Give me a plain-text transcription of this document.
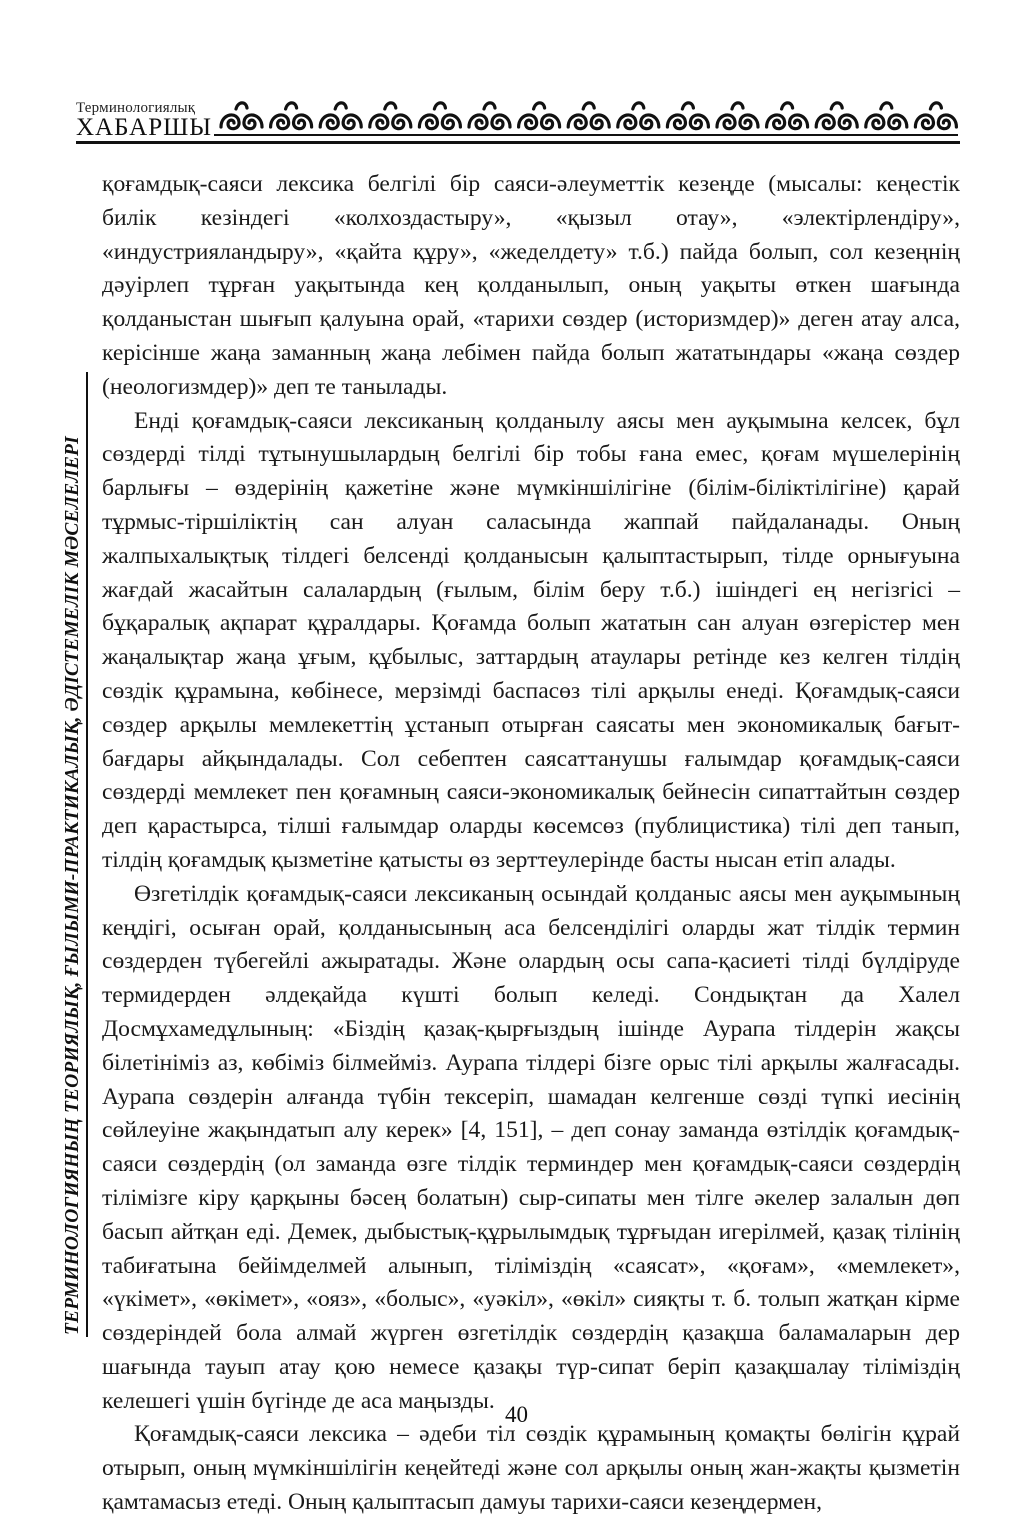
Терминологиялық
ХАБАРШЫ
ТЕРМИНОЛОГИЯНЫҢ ТЕОРИЯЛЫҚ, ҒЫЛЫМИ-ПРАКТИКАЛЫҚ, ӘДІСТЕМЕЛІК МӘСЕЛЕЛЕРІ

қоғамдық-саяси лексика белгілі бір саяси-әлеуметтік кезеңде (мысалы: кеңестік билік кезіндегі «колхоздастыру», «қызыл отау», «электірлендіру», «индустрияландыру», «қайта құру», «жеделдету» т.б.) пайда болып, сол кезеңнің дәуірлеп тұрған уақытында кең қолданылып, оның уақыты өткен шағында қолданыстан шығып қалуына орай, «тарихи сөздер (историзмдер)» деген атау алса, керісінше жаңа заманның жаңа лебімен пайда болып жататындары «жаңа сөздер (неологизмдер)» деп те танылады.

Енді қоғамдық-саяси лексиканың қолданылу аясы мен ауқымына келсек, бұл сөздерді тілді тұтынушылардың белгілі бір тобы ғана емес, қоғам мүшелерінің барлығы – өздерінің қажетіне және мүмкіншілігіне (білім-біліктілігіне) қарай тұрмыс-тіршіліктің сан алуан саласында жаппай пайдаланады. Оның жалпыхалықтық тілдегі белсенді қолданысын қалыптастырып, тілде орнығуына жағдай жасайтын салалардың (ғылым, білім беру т.б.) ішіндегі ең негізгісі – бұқаралық ақпарат құралдары. Қоғамда болып жататын сан алуан өзгерістер мен жаңалықтар жаңа ұғым, құбылыс, заттардың атаулары ретінде кез келген тілдің сөздік құрамына, көбінесе, мерзімді баспасөз тілі арқылы енеді. Қоғамдық-саяси сөздер арқылы мемлекеттің ұстанып отырған саясаты мен экономикалық бағыт-бағдары айқындалады. Сол себептен саясаттанушы ғалымдар қоғамдық-саяси сөздерді мемлекет пен қоғамның саяси-экономикалық бейнесін сипаттайтын сөздер деп қарастырса, тілші ғалымдар оларды көсемсөз (публицистика) тілі деп танып, тілдің қоғамдық қызметіне қатысты өз зерттеулерінде басты нысан етіп алады.

Өзгетілдік қоғамдық-саяси лексиканың осындай қолданыс аясы мен ауқымының кеңдігі, осыған орай, қолданысының аса белсенділігі оларды жат тілдік термин сөздерден түбегейлі ажыратады. Және олардың осы сапа-қасиеті тілді бүлдіруде термидерден әлдеқайда күшті болып келеді. Сондықтан да Халел Досмұхамедұлының: «Біздің қазақ-қырғыздың ішінде Аурапа тілдерін жақсы білетініміз аз, көбіміз білмейміз. Аурапа тілдері бізге орыс тілі арқылы жалғасады. Аурапа сөздерін алғанда түбін тексеріп, шамадан келгенше сөзді түпкі иесінің сөйлеуіне жақындатып алу керек» [4, 151], – деп сонау заманда өзтілдік қоғамдық-саяси сөздердің (ол заманда өзге тілдік терминдер мен қоғамдық-саяси сөздердің тілімізге кіру қарқыны бәсең болатын) сыр-сипаты мен тілге әкелер залалын дөп басып айтқан еді. Демек, дыбыстық-құрылымдық тұрғыдан игерілмей, қазақ тілінің табиғатына бейімделмей алынып, тіліміздің «саясат», «қоғам», «мемлекет», «үкімет», «өкімет», «ояз», «болыс», «уәкіл», «өкіл» сияқты т. б. толып жатқан кірме сөздеріндей бола алмай жүрген өзгетілдік сөздердің қазақша баламаларын дер шағында тауып атау қою немесе қазақы түр-сипат беріп қазақшалау тіліміздің келешегі үшін бүгінде де аса маңызды.

Қоғамдық-саяси лексика – әдеби тіл сөздік құрамының қомақты бөлігін құрай отырып, оның мүмкіншілігін кеңейтеді және сол арқылы оның жан-жақты қызметін қамтамасыз етеді. Оның қалыптасып дамуы тарихи-саяси кезеңдермен,

40
